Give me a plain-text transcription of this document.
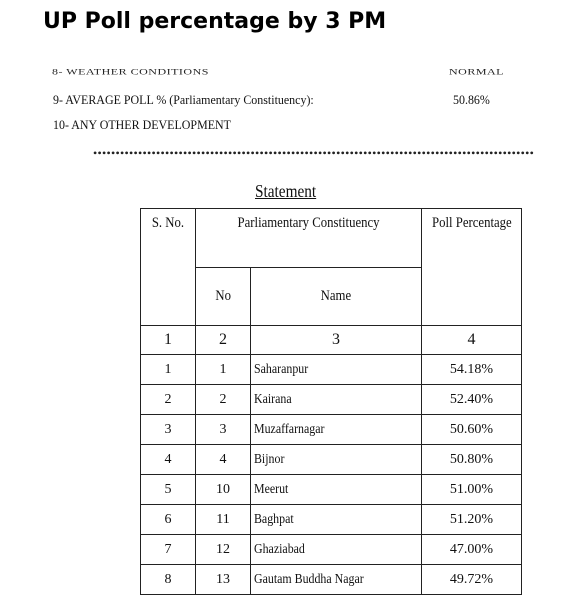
UP Poll percentage by 3 PM
8- WEATHER CONDITIONS	NORMAL
9- AVERAGE POLL % (Parliamentary Constituency):	50.86%
10- ANY OTHER DEVELOPMENT
••••••••••••••••••••••••••••••••••••••••••••••••••••••••••••••••••••••••••••••••••••••••••••••••••
Statement
S. No.	Parliamentary Constituency		Poll Percentage
	No	Name	
1	2	3	4
1	1	Saharanpur	54.18%
2	2	Kairana	52.40%
3	3	Muzaffarnagar	50.60%
4	4	Bijnor	50.80%
5	10	Meerut	51.00%
6	11	Baghpat	51.20%
7	12	Ghaziabad	47.00%
8	13	Gautam Buddha Nagar	49.72%
